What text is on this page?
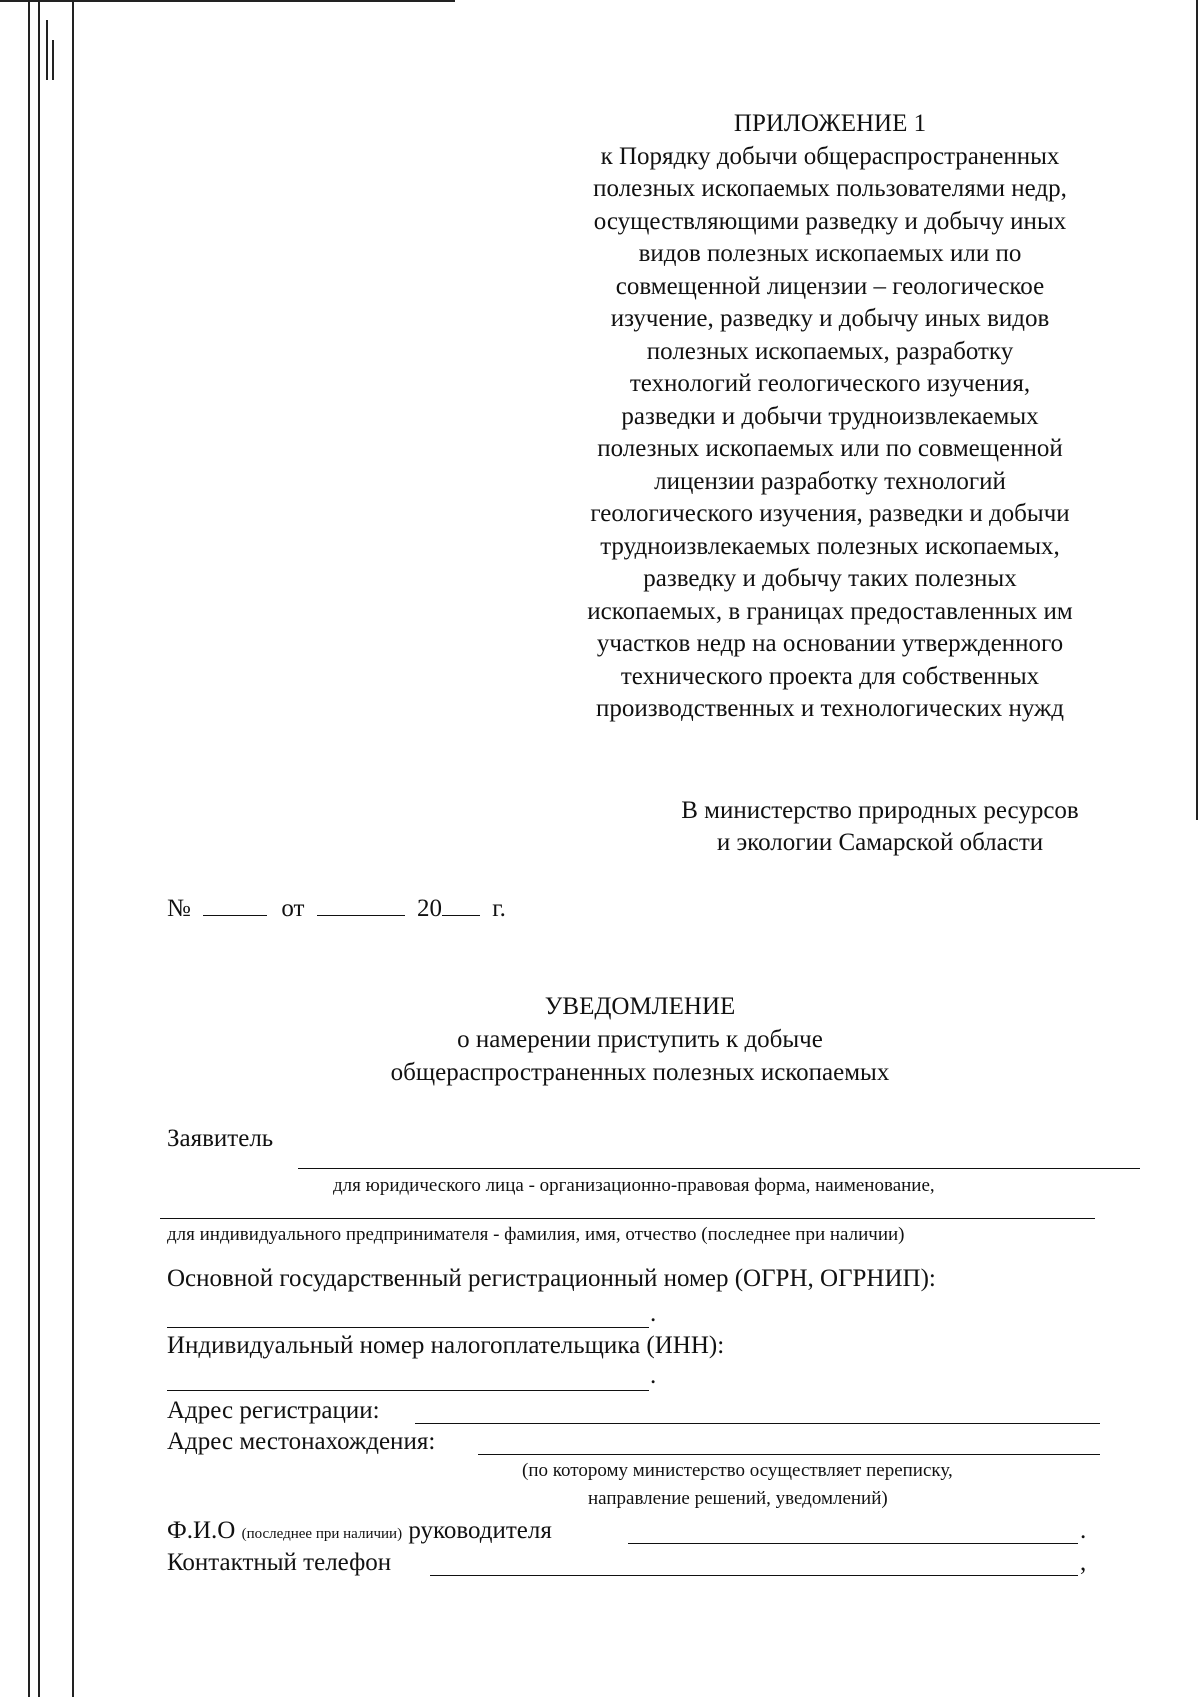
ПРИЛОЖЕНИЕ 1
к Порядку добычи общераспространенных
полезных ископаемых пользователями недр,
осуществляющими разведку и добычу иных
видов полезных ископаемых или по
совмещенной лицензии – геологическое
изучение, разведку и добычу иных видов
полезных ископаемых, разработку
технологий геологического изучения,
разведки и добычи трудноизвлекаемых
полезных ископаемых или по совмещенной
лицензии разработку технологий
геологического изучения, разведки и добычи
трудноизвлекаемых полезных ископаемых,
разведку и добычу таких полезных
ископаемых, в границах предоставленных им
участков недр на основании утвержденного
технического проекта для собственных
производственных и технологических нужд
В министерство природных ресурсов
и экологии Самарской области
№	от	20 г.
УВЕДОМЛЕНИЕ
о намерении приступить к добыче
общераспространенных полезных ископаемых
Заявитель
для юридического лица - организационно-правовая форма, наименование,
для индивидуального предпринимателя - фамилия, имя, отчество (последнее при наличии)
Основной государственный регистрационный номер (ОГРН, ОГРНИП):
.
Индивидуальный номер налогоплательщика (ИНН):
.
Адрес регистрации:
Адрес местонахождения:
(по которому министерство осуществляет переписку,
направление решений, уведомлений)
Ф.И.О (последнее при наличии) руководителя	.
Контактный телефон	,
